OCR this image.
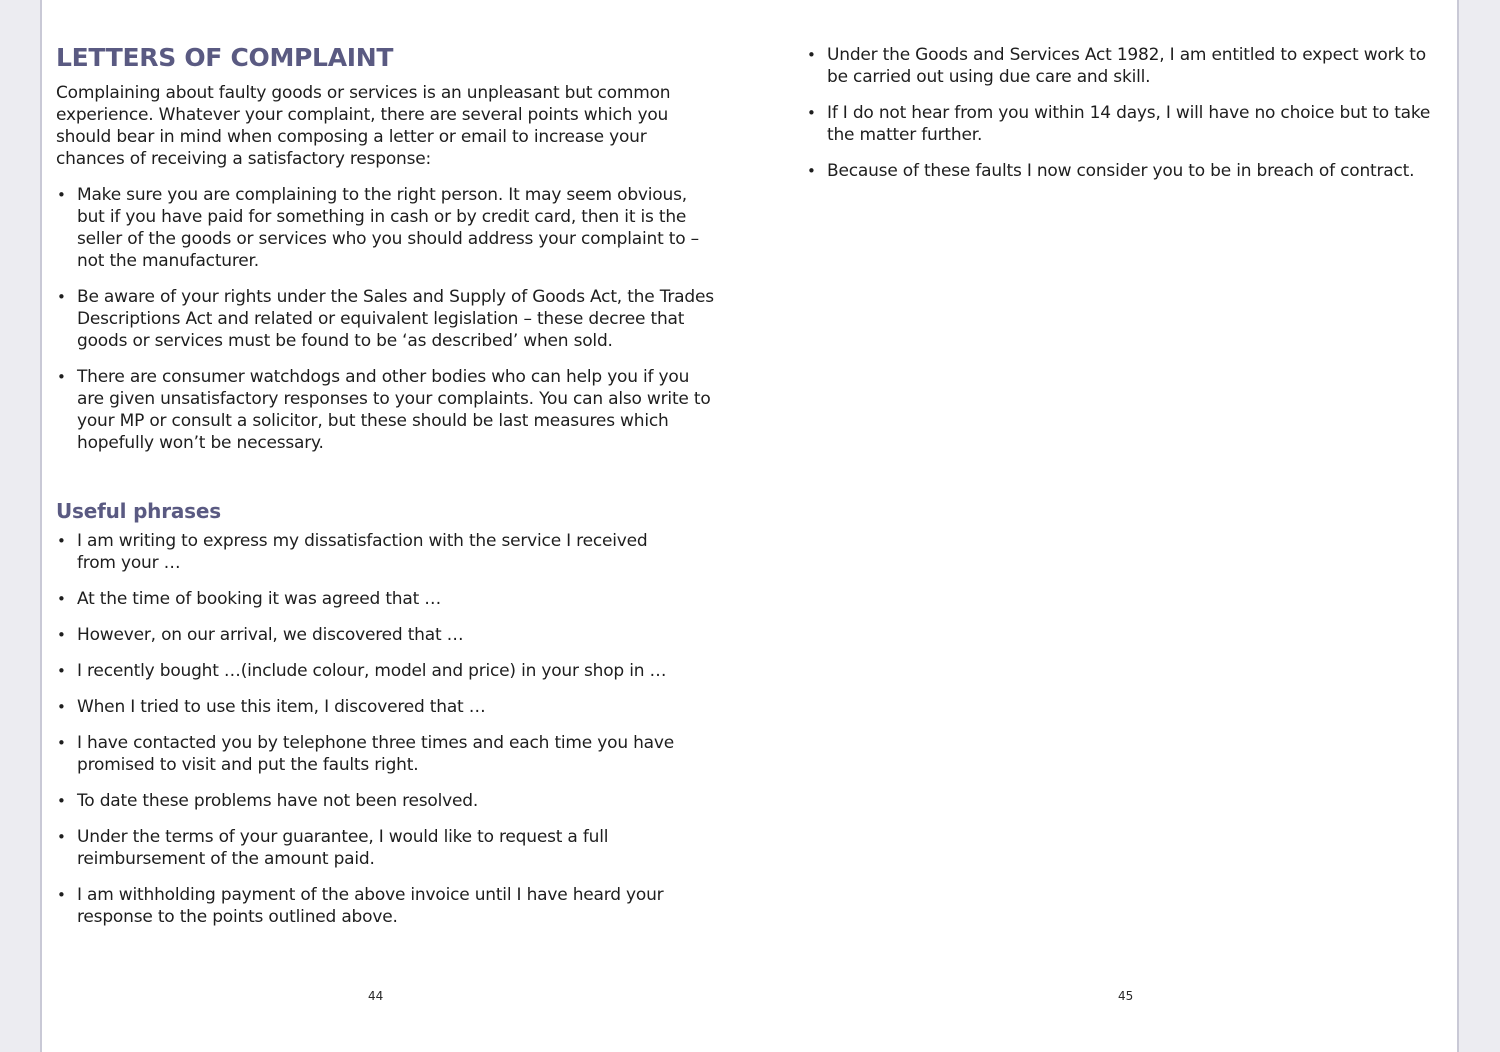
LETTERS OF COMPLAINT

Complaining about faulty goods or services is an unpleasant but common experience. Whatever your complaint, there are several points which you should bear in mind when composing a letter or email to increase your chances of receiving a satisfactory response:

• Make sure you are complaining to the right person. It may seem obvious, but if you have paid for something in cash or by credit card, then it is the seller of the goods or services who you should address your complaint to – not the manufacturer.
• Be aware of your rights under the Sales and Supply of Goods Act, the Trades Descriptions Act and related or equivalent legislation – these decree that goods or services must be found to be ‘as described’ when sold.
• There are consumer watchdogs and other bodies who can help you if you are given unsatisfactory responses to your complaints. You can also write to your MP or consult a solicitor, but these should be last measures which hopefully won’t be necessary.
Useful phrases
• I am writing to express my dissatisfaction with the service I received from your …
• At the time of booking it was agreed that …
• However, on our arrival, we discovered that …
• I recently bought …(include colour, model and price) in your shop in …
• When I tried to use this item, I discovered that …
• I have contacted you by telephone three times and each time you have promised to visit and put the faults right.
• To date these problems have not been resolved.
• Under the terms of your guarantee, I would like to request a full reimbursement of the amount paid.
• I am withholding payment of the above invoice until I have heard your response to the points outlined above.
44
• Under the Goods and Services Act 1982, I am entitled to expect work to be carried out using due care and skill.
• If I do not hear from you within 14 days, I will have no choice but to take the matter further.
• Because of these faults I now consider you to be in breach of contract.
45
